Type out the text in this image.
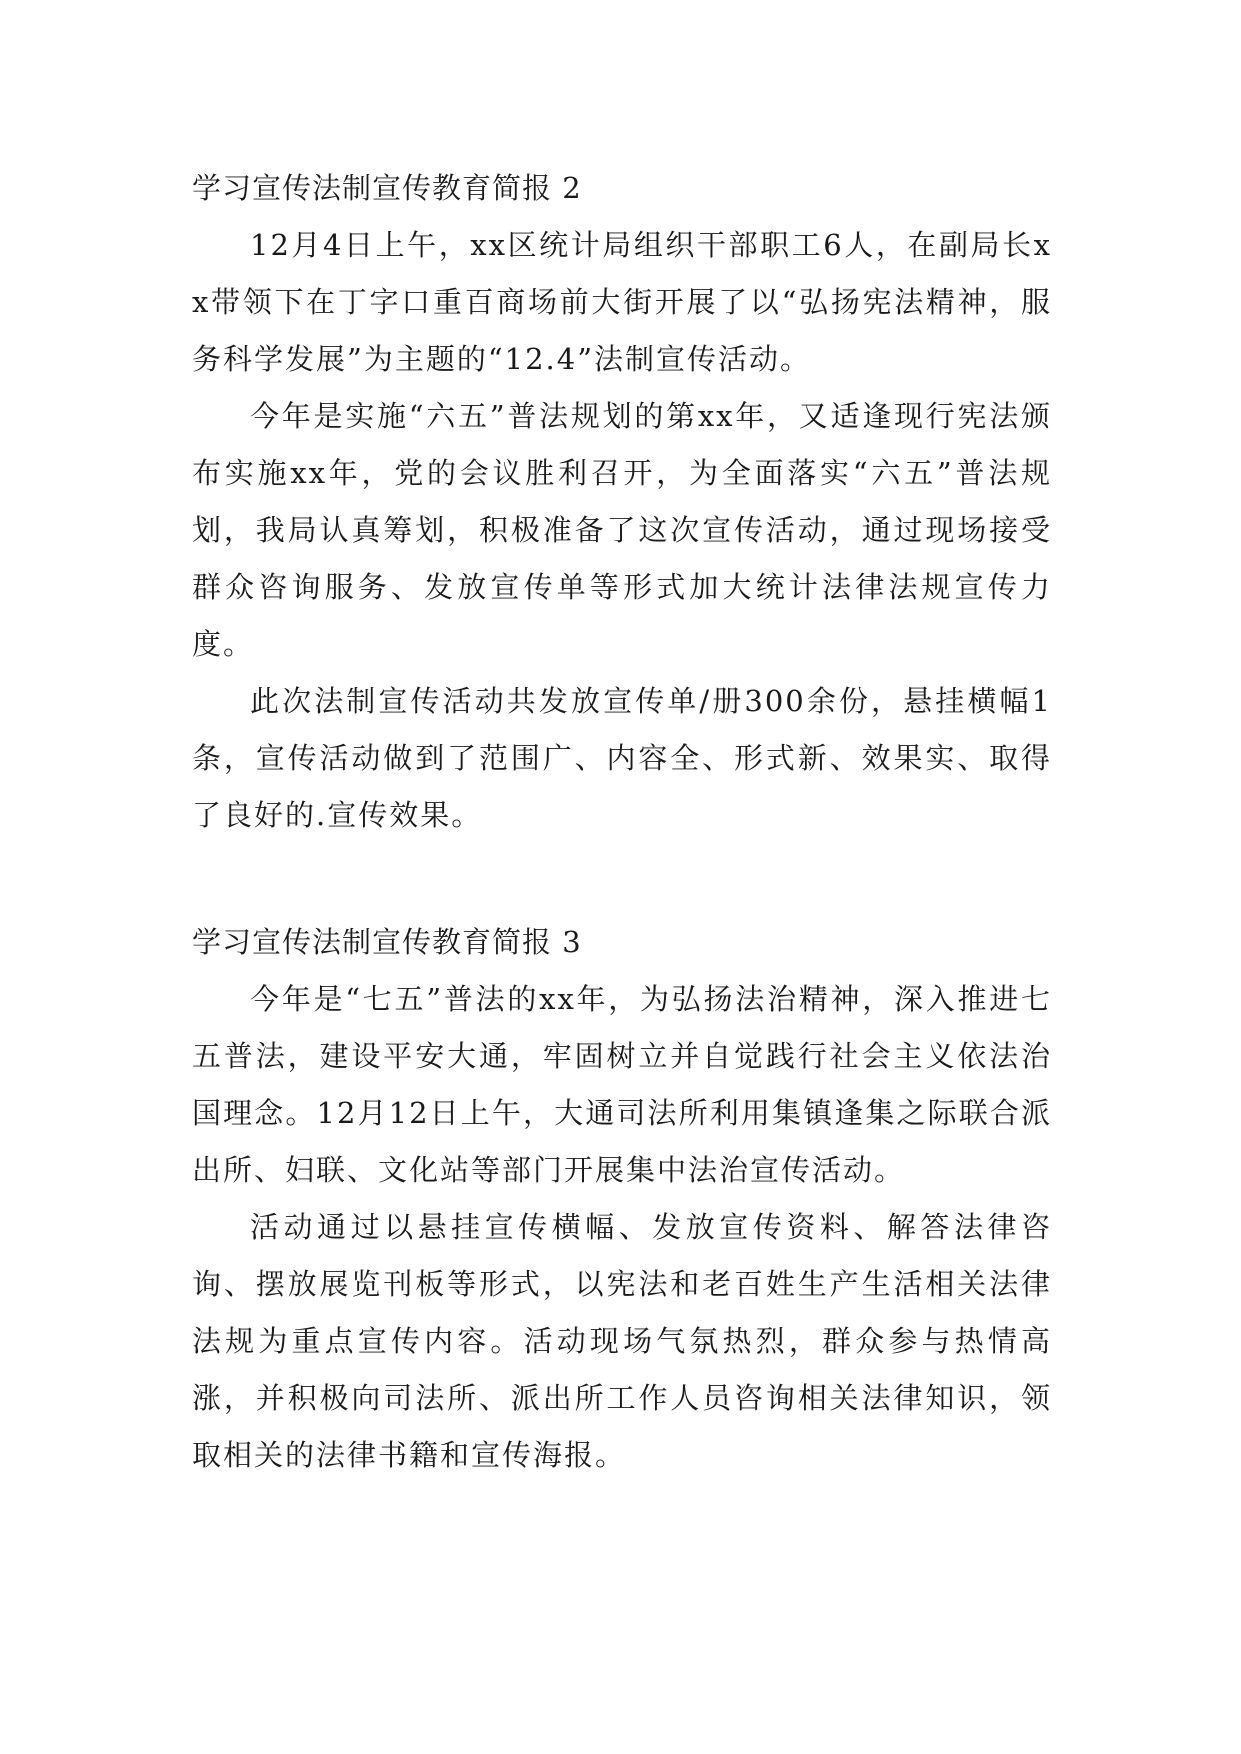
学习宣传法制宣传教育简报 2

12月4日上午，xx区统计局组织干部职工6人，在副局长xx带领下在丁字口重百商场前大街开展了以“弘扬宪法精神，服务科学发展”为主题的“12.4”法制宣传活动。

今年是实施“六五”普法规划的第xx年，又适逢现行宪法颁布实施xx年，党的会议胜利召开，为全面落实“六五”普法规划，我局认真筹划，积极准备了这次宣传活动，通过现场接受群众咨询服务、发放宣传单等形式加大统计法律法规宣传力度。

此次法制宣传活动共发放宣传单/册300余份，悬挂横幅1条，宣传活动做到了范围广、内容全、形式新、效果实、取得了良好的.宣传效果。

学习宣传法制宣传教育简报 3

今年是“七五”普法的xx年，为弘扬法治精神，深入推进七五普法，建设平安大通，牢固树立并自觉践行社会主义依法治国理念。12月12日上午，大通司法所利用集镇逢集之际联合派出所、妇联、文化站等部门开展集中法治宣传活动。

活动通过以悬挂宣传横幅、发放宣传资料、解答法律咨询、摆放展览刊板等形式，以宪法和老百姓生产生活相关法律法规为重点宣传内容。活动现场气氛热烈，群众参与热情高涨，并积极向司法所、派出所工作人员咨询相关法律知识，领取相关的法律书籍和宣传海报。
